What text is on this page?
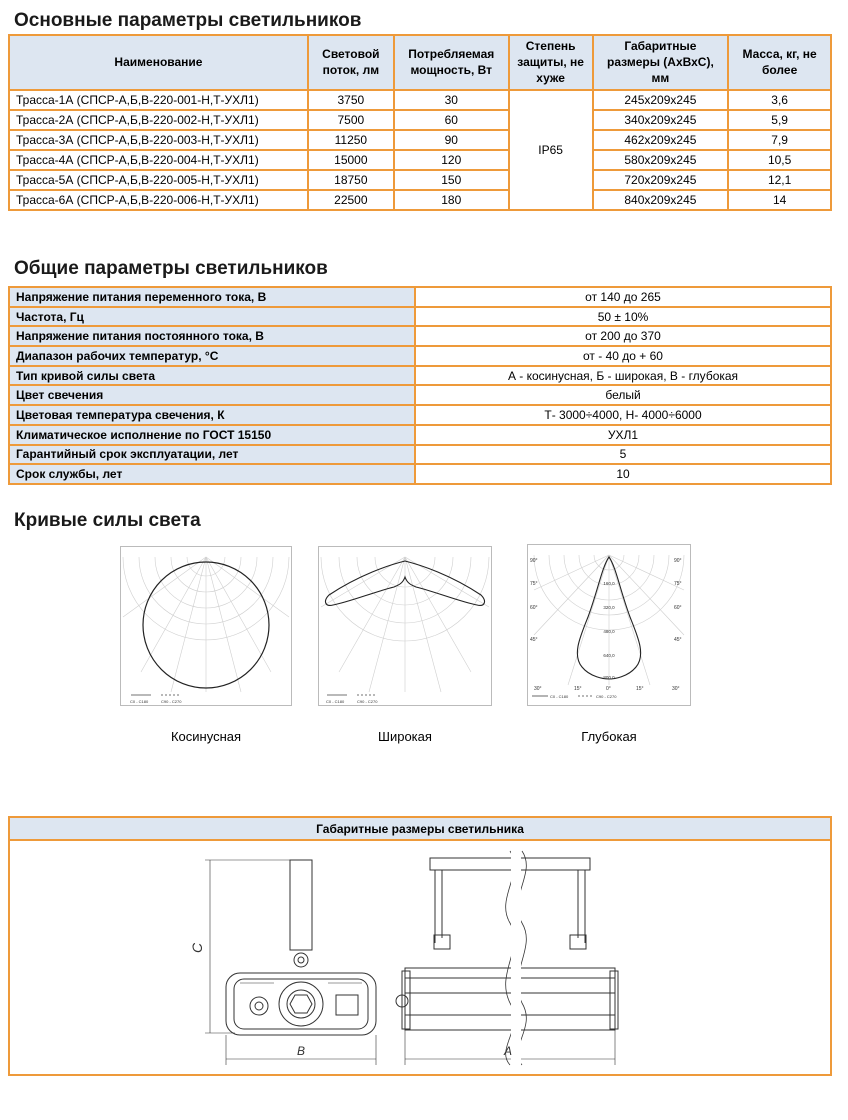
Основные параметры светильников
Наименование	Световой поток, лм	Потребляемая мощность, Вт	Степень защиты, не хуже	Габаритные размеры (АхВхС), мм	Масса, кг, не более
Трасса-1А (СПСР-А,Б,В-220-001-Н,Т-УХЛ1)	3750	30	IP65	245x209x245	3,6
Трасса-2А (СПСР-А,Б,В-220-002-Н,Т-УХЛ1)	7500	60		340x209x245	5,9
Трасса-3А (СПСР-А,Б,В-220-003-Н,Т-УХЛ1)	11250	90		462x209x245	7,9
Трасса-4А (СПСР-А,Б,В-220-004-Н,Т-УХЛ1)	15000	120		580x209x245	10,5
Трасса-5А (СПСР-А,Б,В-220-005-Н,Т-УХЛ1)	18750	150		720x209x245	12,1
Трасса-6А (СПСР-А,Б,В-220-006-Н,Т-УХЛ1)	22500	180		840x209x245	14
Общие параметры светильников
Напряжение питания переменного тока, В	от 140 до 265
Частота, Гц	50 ± 10%
Напряжение питания постоянного тока, В	от 200 до 370
Диапазон рабочих температур, °С	от - 40 до + 60
Тип кривой силы света	А - косинусная, Б - широкая, В - глубокая
Цвет свечения	белый
Цветовая температура свечения, К	Т- 3000÷4000, Н- 4000÷6000
Климатическое исполнение по ГОСТ 15150	УХЛ1
Гарантийный срок эксплуатации, лет	5
Срок службы, лет	10
Кривые силы света
C0 - C180	C90 - C270
Косинусная
C0 - C180	C90 - C270
Широкая
160,0
320,0
480,0
640,0
800,0
90°
75°
60°
45°
30°	15°	0°
90°
75°
60°
45°
30°
15°
C0 - C180	C90 - C270
Глубокая
Габаритные размеры светильника
C
B	A
